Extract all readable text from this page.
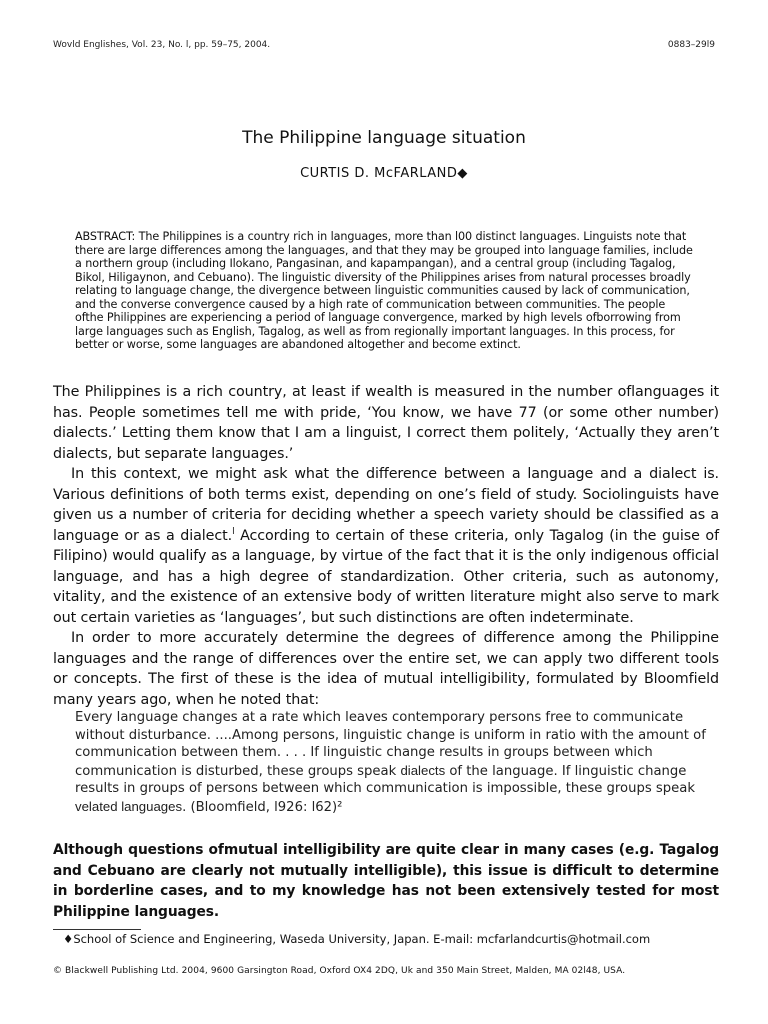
Wovld Englishes, Vol. 23, No. l, pp. 59–75, 2004.	0883–29l9
The Philippine language situation
CURTIS D. McFARLAND◆
ABSTRACT: The Philippines is a country rich in languages, more than l00 distinct languages. Linguists note that there are large differences among the languages, and that they may be grouped into language families, include a northern group (including Ilokano, Pangasinan, and kapampangan), and a central group (including Tagalog, Bikol, Hiligaynon, and Cebuano). The linguistic diversity of the Philippines arises from natural processes broadly relating to language change, the divergence between linguistic communities caused by lack of communication, and the converse convergence caused by a high rate of communication between communities. The people ofthe Philippines are experiencing a period of language convergence, marked by high levels ofborrowing from large languages such as English, Tagalog, as well as from regionally important languages. In this process, for better or worse, some languages are abandoned altogether and become extinct.

The Philippines is a rich country, at least if wealth is measured in the number oflanguages it has. People sometimes tell me with pride, ‘You know, we have 77 (or some other number) dialects.’ Letting them know that I am a linguist, I correct them politely, ‘Actually they aren’t dialects, but separate languages.’

In this context, we might ask what the difference between a language and a dialect is. Various definitions of both terms exist, depending on one’s field of study. Sociolinguists have given us a number of criteria for deciding whether a speech variety should be classified as a language or as a dialect.$^l$ According to certain of these criteria, only Tagalog (in the guise of Filipino) would qualify as a language, by virtue of the fact that it is the only indigenous official language, and has a high degree of standardization. Other criteria, such as autonomy, vitality, and the existence of an extensive body of written literature might also serve to mark out certain varieties as ‘languages’, but such distinctions are often indeterminate.

In order to more accurately determine the degrees of difference among the Philippine languages and the range of differences over the entire set, we can apply two different tools or concepts. The first of these is the idea of mutual intelligibility, formulated by Bloomfield many years ago, when he noted that:

Every language changes at a rate which leaves contemporary persons free to communicate without disturbance. ....Among persons, linguistic change is uniform in ratio with the amount of communication between them. . . . If linguistic change results in groups between which communication is disturbed, these groups speak dialects of the language. If linguistic change results in groups of persons between which communication is impossible, these groups speak velated languages. (Bloomfield, l926: l62)²

Although questions ofmutual intelligibility are quite clear in many cases (e.g. Tagalog and Cebuano are clearly not mutually intelligible), this issue is difficult to determine in borderline cases, and to my knowledge has not been extensively tested for most Philippine languages.

♦School of Science and Engineering, Waseda University, Japan. E-mail: mcfarlandcurtis@hotmail.com
© Blackwell Publishing Ltd. 2004, 9600 Garsington Road, Oxford OX4 2DQ, Uk and 350 Main Street, Malden, MA 02l48, USA.
